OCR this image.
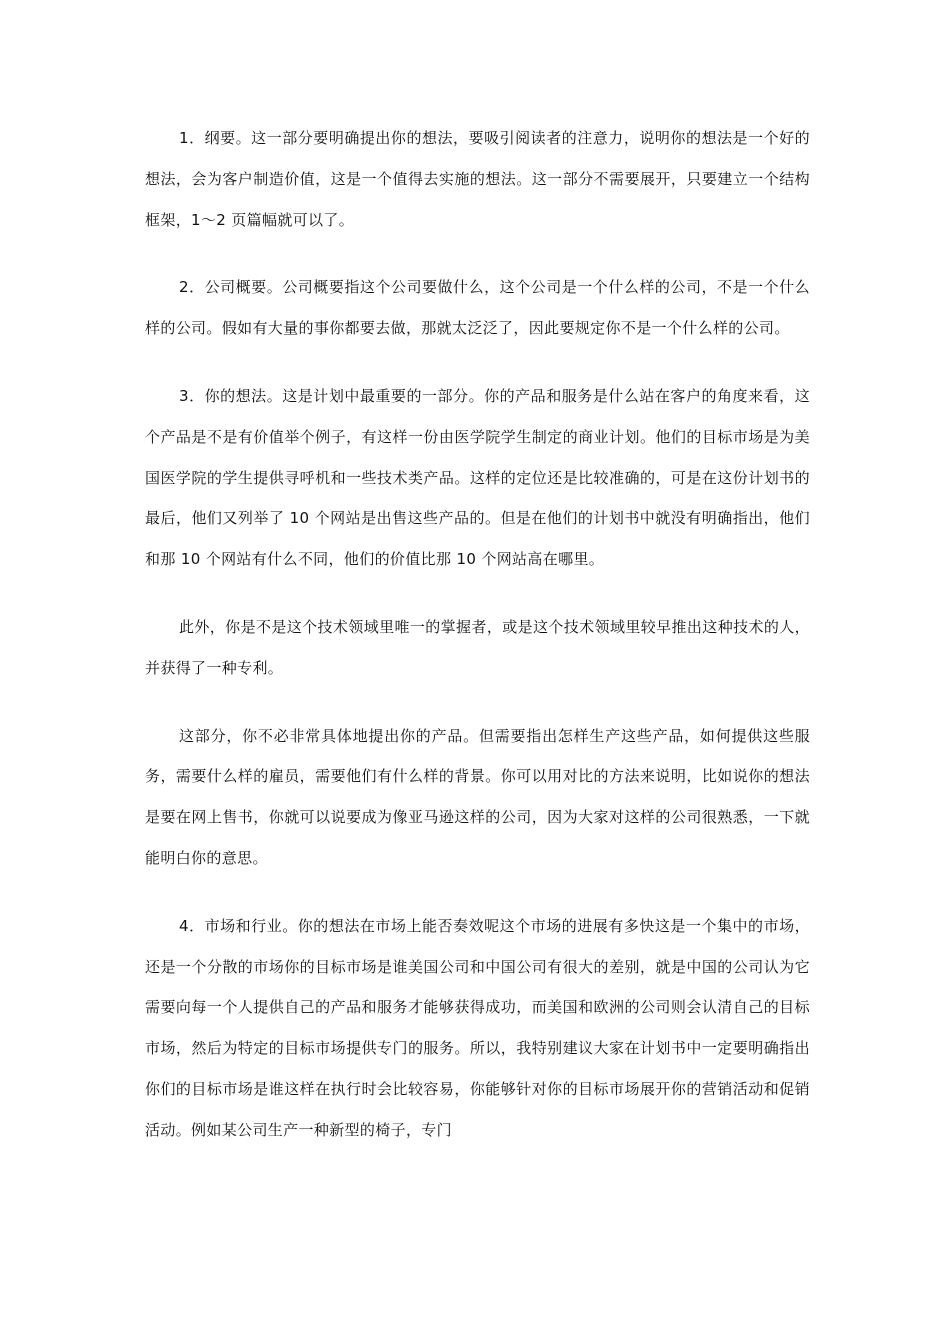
1．纲要。这一部分要明确提出你的想法，要吸引阅读者的注意力，说明你的想法是一个好的想法，会为客户制造价值，这是一个值得去实施的想法。这一部分不需要展开，只要建立一个结构框架，1～2 页篇幅就可以了。

2．公司概要。公司概要指这个公司要做什么，这个公司是一个什么样的公司，不是一个什么样的公司。假如有大量的事你都要去做，那就太泛泛了，因此要规定你不是一个什么样的公司。

3．你的想法。这是计划中最重要的一部分。你的产品和服务是什么站在客户的角度来看，这个产品是不是有价值举个例子，有这样一份由医学院学生制定的商业计划。他们的目标市场是为美国医学院的学生提供寻呼机和一些技术类产品。这样的定位还是比较准确的，可是在这份计划书的最后，他们又列举了 10 个网站是出售这些产品的。但是在他们的计划书中就没有明确指出，他们和那 10 个网站有什么不同，他们的价值比那 10 个网站高在哪里。

此外，你是不是这个技术领域里唯一的掌握者，或是这个技术领域里较早推出这种技术的人，并获得了一种专利。

这部分，你不必非常具体地提出你的产品。但需要指出怎样生产这些产品，如何提供这些服务，需要什么样的雇员，需要他们有什么样的背景。你可以用对比的方法来说明，比如说你的想法是要在网上售书，你就可以说要成为像亚马逊这样的公司，因为大家对这样的公司很熟悉，一下就能明白你的意思。

4．市场和行业。你的想法在市场上能否奏效呢这个市场的进展有多快这是一个集中的市场，还是一个分散的市场你的目标市场是谁美国公司和中国公司有很大的差别，就是中国的公司认为它需要向每一个人提供自己的产品和服务才能够获得成功，而美国和欧洲的公司则会认清自己的目标市场，然后为特定的目标市场提供专门的服务。所以，我特别建议大家在计划书中一定要明确指出你们的目标市场是谁这样在执行时会比较容易，你能够针对你的目标市场展开你的营销活动和促销活动。例如某公司生产一种新型的椅子，专门
